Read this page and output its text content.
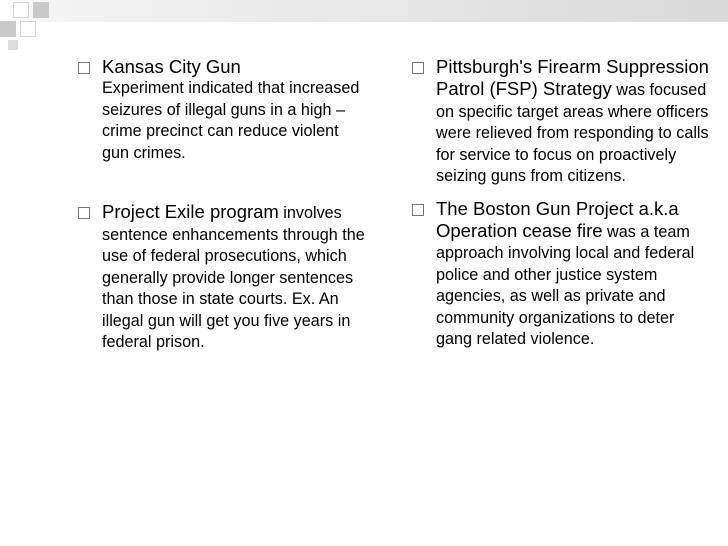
Kansas City Gun
Experiment indicated that increased seizures of illegal guns in a high –crime precinct can reduce violent gun crimes.
Project Exile program involves sentence enhancements through the use of federal prosecutions, which generally provide longer sentences than those in state courts. Ex. An illegal gun will get you five years in federal prison.
Pittsburgh's Firearm Suppression Patrol (FSP) Strategy was focused on specific target areas where officers were relieved from responding to calls for service to focus on proactively seizing guns from citizens.
The Boston Gun Project a.k.a Operation cease fire was a team approach involving local and federal police and other justice system agencies, as well as private and community organizations to deter gang related violence.
